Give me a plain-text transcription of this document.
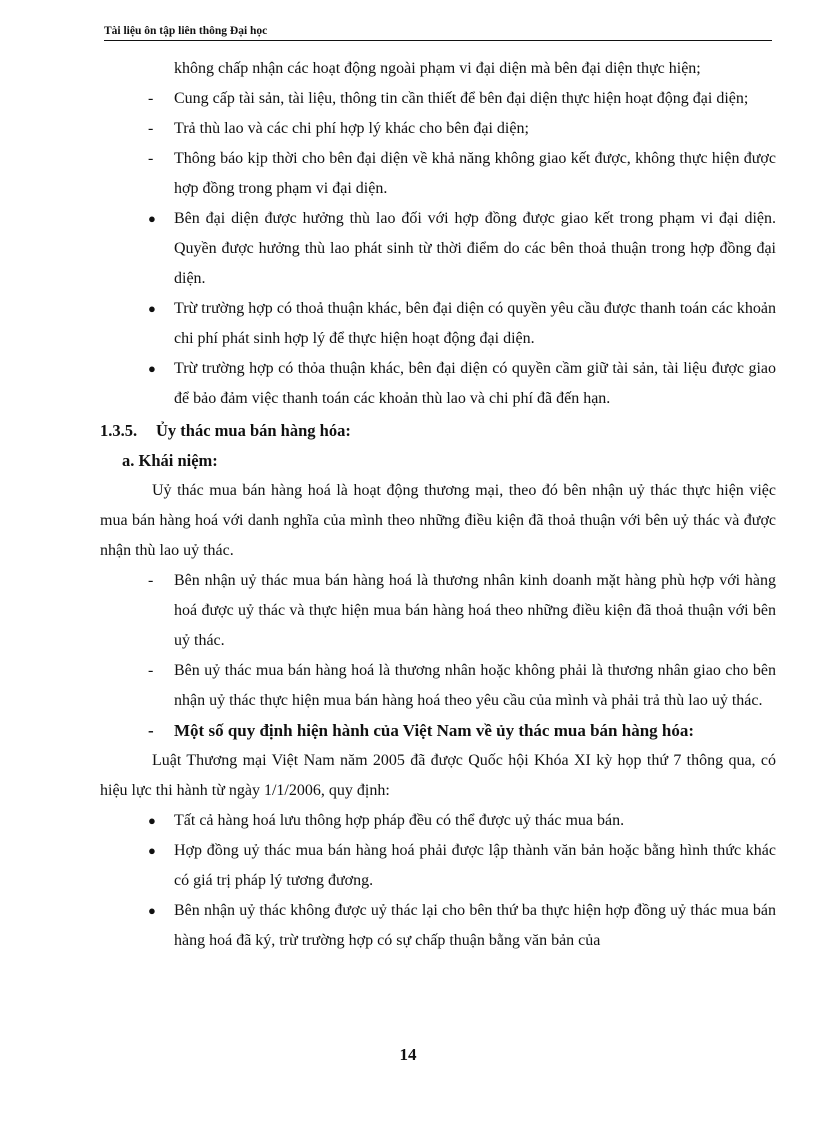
Tài liệu ôn tập liên thông Đại học
không chấp nhận các hoạt động ngoài phạm vi đại diện mà bên đại diện thực hiện;
- Cung cấp tài sản, tài liệu, thông tin cần thiết để bên đại diện thực hiện hoạt động đại diện;
- Trả thù lao và các chi phí hợp lý khác cho bên đại diện;
- Thông báo kịp thời cho bên đại diện về khả năng không giao kết được, không thực hiện được hợp đồng trong phạm vi đại diện.
● Bên đại diện được hưởng thù lao đối với hợp đồng được giao kết trong phạm vi đại diện. Quyền được hưởng thù lao phát sinh từ thời điểm do các bên thoả thuận trong hợp đồng đại diện.
● Trừ trường hợp có thoả thuận khác, bên đại diện có quyền yêu cầu được thanh toán các khoản chi phí phát sinh hợp lý để thực hiện hoạt động đại diện.
● Trừ trường hợp có thỏa thuận khác, bên đại diện có quyền cầm giữ tài sản, tài liệu được giao để bảo đảm việc thanh toán các khoản thù lao và chi phí đã đến hạn.
1.3.5. Ủy thác mua bán hàng hóa:
a. Khái niệm:
Uỷ thác mua bán hàng hoá là hoạt động thương mại, theo đó bên nhận uỷ thác thực hiện việc mua bán hàng hoá với danh nghĩa của mình theo những điều kiện đã thoả thuận với bên uỷ thác và được nhận thù lao uỷ thác.
- Bên nhận uỷ thác mua bán hàng hoá là thương nhân kinh doanh mặt hàng phù hợp với hàng hoá được uỷ thác và thực hiện mua bán hàng hoá theo những điều kiện đã thoả thuận với bên uỷ thác.
- Bên uỷ thác mua bán hàng hoá là thương nhân hoặc không phải là thương nhân giao cho bên nhận uỷ thác thực hiện mua bán hàng hoá theo yêu cầu của mình và phải trả thù lao uỷ thác.
- Một số quy định hiện hành của Việt Nam về ủy thác mua bán hàng hóa:
Luật Thương mại Việt Nam năm 2005 đã được Quốc hội Khóa XI kỳ họp thứ 7 thông qua, có hiệu lực thi hành từ ngày 1/1/2006, quy định:
● Tất cả hàng hoá lưu thông hợp pháp đều có thể được uỷ thác mua bán.
● Hợp đồng uỷ thác mua bán hàng hoá phải được lập thành văn bản hoặc bằng hình thức khác có giá trị pháp lý tương đương.
● Bên nhận uỷ thác không được uỷ thác lại cho bên thứ ba thực hiện hợp đồng uỷ thác mua bán hàng hoá đã ký, trừ trường hợp có sự chấp thuận bằng văn bản của
14
